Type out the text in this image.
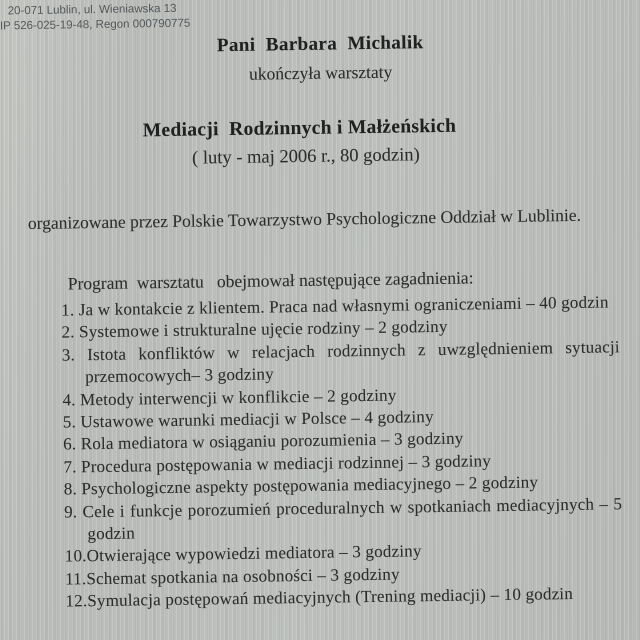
20-071 Lublin, ul. Wieniawska 13
IP 526-025-19-48, Regon 000790775
Pani  Barbara  Michalik
ukończyła warsztaty
Mediacji  Rodzinnych i Małżeńskich
( luty - maj 2006 r., 80 godzin)
organizowane przez Polskie Towarzystwo Psychologiczne Oddział w Lublinie.
Program  warsztatu   obejmował następujące zagadnienia:
1. Ja w kontakcie z klientem. Praca nad własnymi ograniczeniami – 40 godzin
2. Systemowe i strukturalne ujęcie rodziny – 2 godziny
3. Istota konfliktów w relacjach rodzinnych z uwzględnieniem sytuacji przemocowych– 3 godziny
4. Metody interwencji w konflikcie – 2 godziny
5. Ustawowe warunki mediacji w Polsce – 4 godziny
6. Rola mediatora w osiąganiu porozumienia – 3 godziny
7. Procedura postępowania w mediacji rodzinnej – 3 godziny
8. Psychologiczne aspekty postępowania mediacyjnego – 2 godziny
9. Cele i funkcje porozumień proceduralnych w spotkaniach mediacyjnych – 5 godzin
10.Otwierające wypowiedzi mediatora – 3 godziny
11.Schemat spotkania na osobności – 3 godziny
12.Symulacja postępowań mediacyjnych (Trening mediacji) – 10 godzin
